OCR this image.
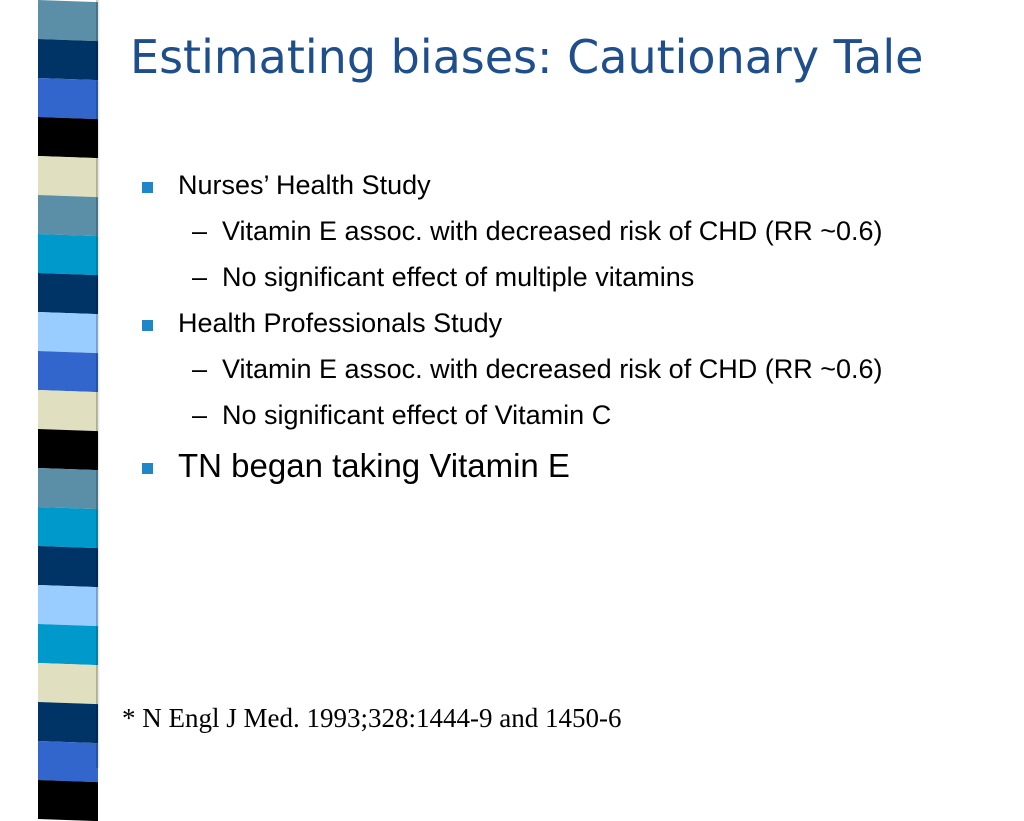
Estimating biases: Cautionary Tale
Nurses’ Health Study
– Vitamin E assoc. with decreased risk of CHD (RR ~0.6)
– No significant effect of multiple vitamins
Health Professionals Study
– Vitamin E assoc. with decreased risk of CHD (RR ~0.6)
– No significant effect of Vitamin C
TN began taking Vitamin E
* N Engl J Med. 1993;328:1444-9 and 1450-6
